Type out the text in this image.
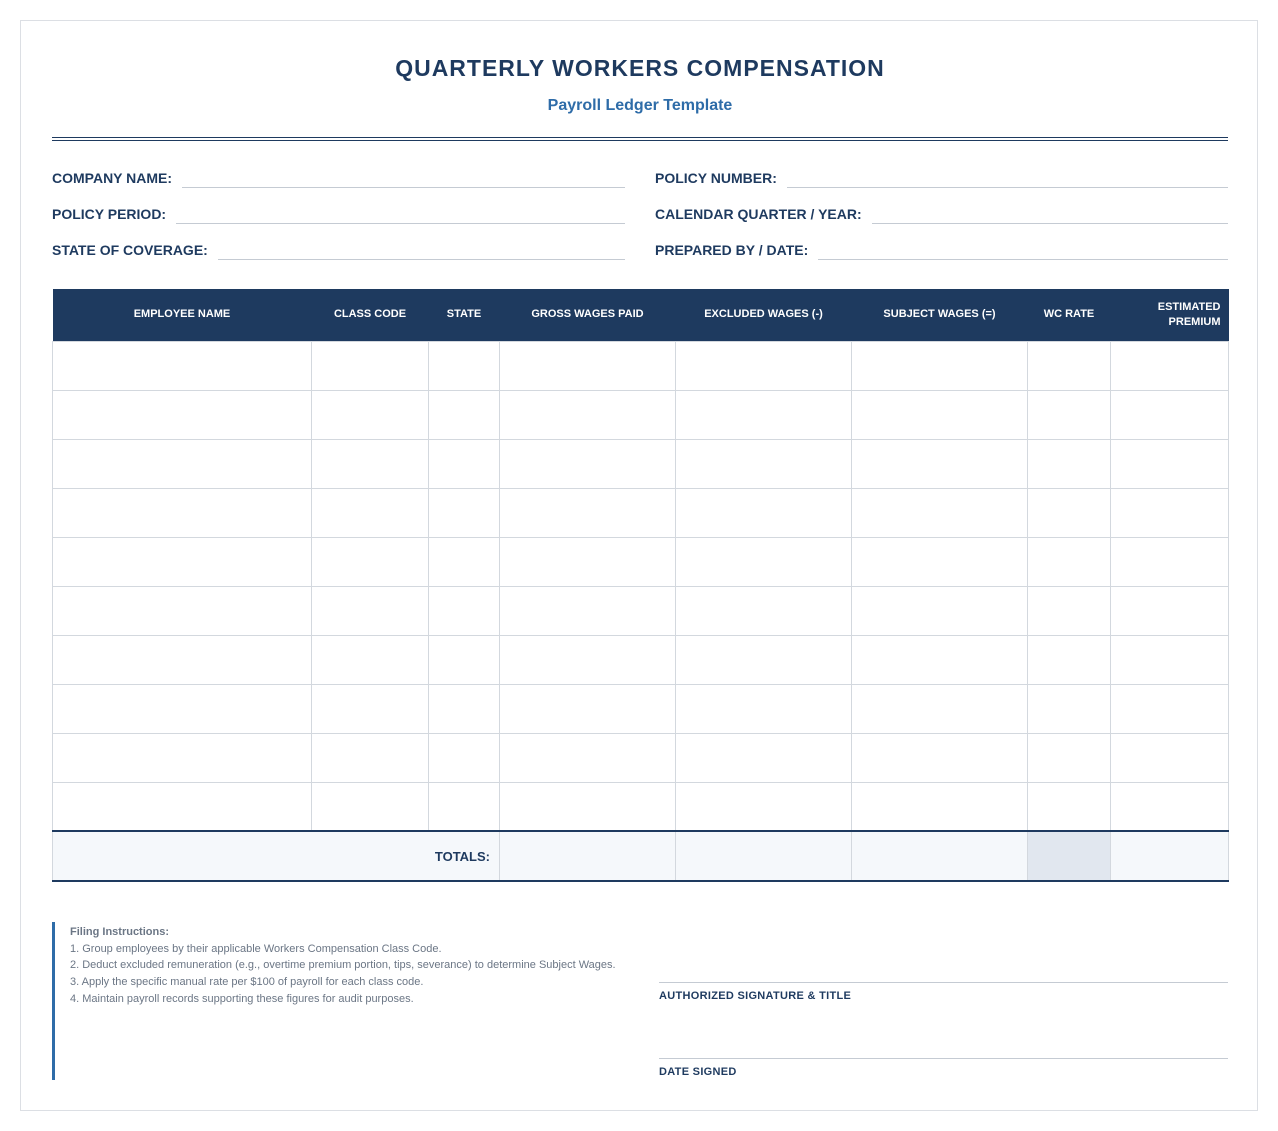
QUARTERLY WORKERS COMPENSATION
Payroll Ledger Template
COMPANY NAME:	POLICY NUMBER:
POLICY PERIOD:	CALENDAR QUARTER / YEAR:
STATE OF COVERAGE:	PREPARED BY / DATE:
EMPLOYEE NAME	CLASS CODE	STATE	GROSS WAGES PAID	EXCLUDED WAGES (-)	SUBJECT WAGES (=)	WC RATE	ESTIMATED PREMIUM

TOTALS:							
Filing Instructions:
1. Group employees by their applicable Workers Compensation Class Code.
2. Deduct excluded remuneration (e.g., overtime premium portion, tips, severance) to determine Subject Wages.
3. Apply the specific manual rate per $100 of payroll for each class code.
4. Maintain payroll records supporting these figures for audit purposes.	AUTHORIZED SIGNATURE & TITLE
DATE SIGNED
